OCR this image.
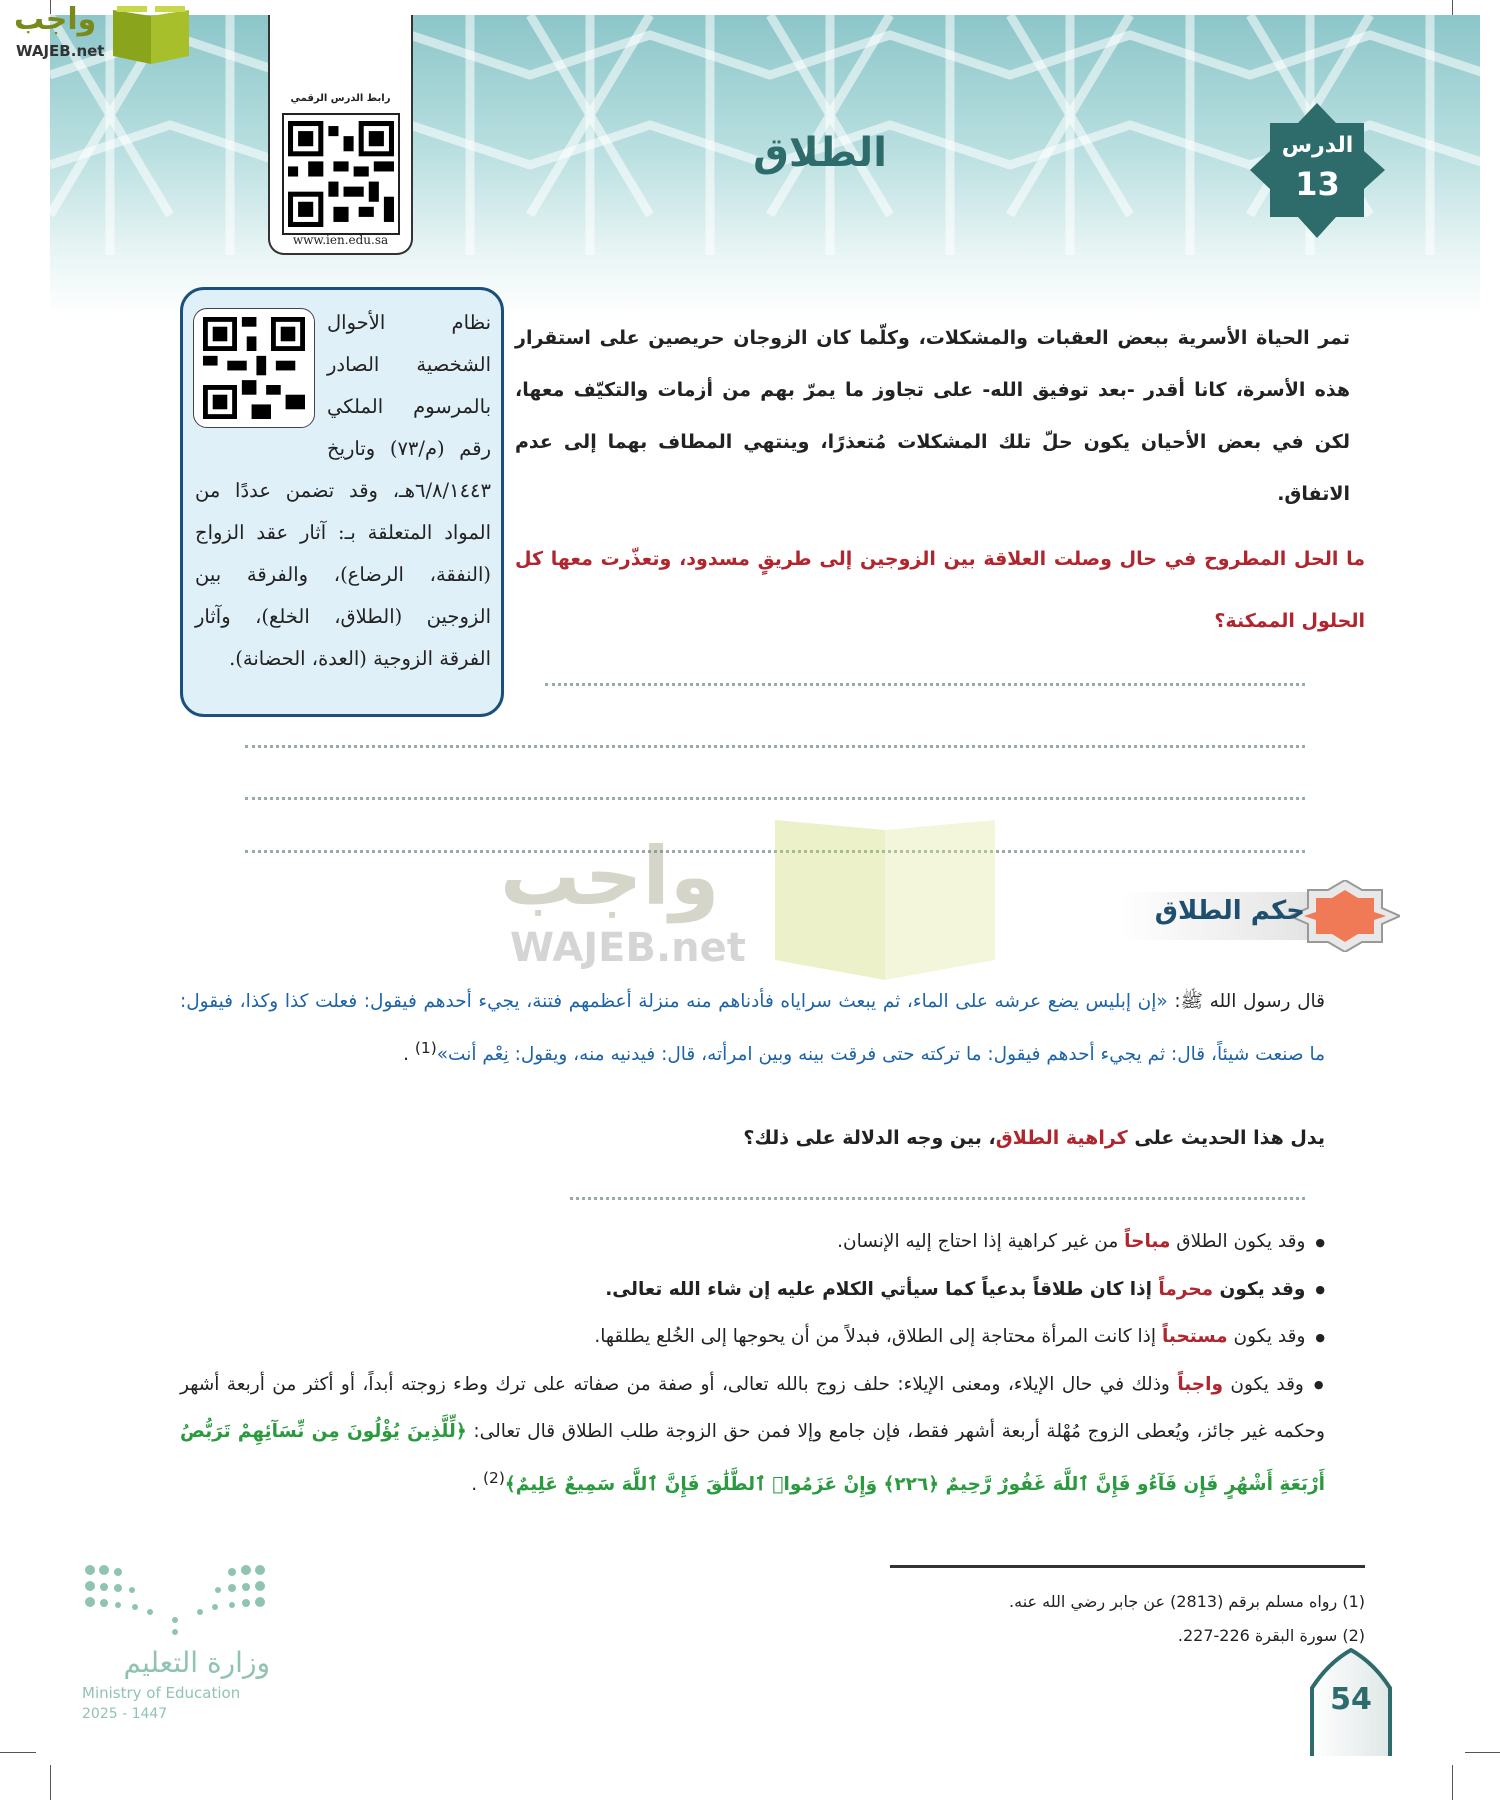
واجب
WAJEB.net
رابط الدرس الرقمي
www.ien.edu.sa
الطلاق	الدرس
13

نظام الأحوال الشخصية الصادر بالمرسوم الملكي رقم (م/٧٣) وتاريخ ٦/٨/١٤٤٣هـ، وقد تضمن عددًا من المواد المتعلقة بـ: آثار عقد الزواج (النفقة، الرضاع)، والفرقة بين الزوجين (الطلاق، الخلع)، وآثار الفرقة الزوجية (العدة، الحضانة).

تمر الحياة الأسرية ببعض العقبات والمشكلات، وكلّما كان الزوجان حريصين على استقرار هذه الأسرة، كانا أقدر -بعد توفيق الله- على تجاوز ما يمرّ بهم من أزمات والتكيّف معها، لكن في بعض الأحيان يكون حلّ تلك المشكلات مُتعذرًا، وينتهي المطاف بهما إلى عدم الاتفاق.
ما الحل المطروح في حال وصلت العلاقة بين الزوجين إلى طريقٍ مسدود، وتعذّرت معها كل الحلول الممكنة؟
واجب
WAJEB.net
حكم الطلاق
قال رسول الله ﷺ: «إن إبليس يضع عرشه على الماء، ثم يبعث سراياه فأدناهم منه منزلة أعظمهم فتنة، يجيء أحدهم فيقول: فعلت كذا وكذا، فيقول: ما صنعت شيئاً، قال: ثم يجيء أحدهم فيقول: ما تركته حتى فرقت بينه وبين امرأته، قال: فيدنيه منه، ويقول: نِعْم أنت»$^{(1)}$ .
يدل هذا الحديث على كراهية الطلاق، بين وجه الدلالة على ذلك؟
● وقد يكون الطلاق مباحاً من غير كراهية إذا احتاج إليه الإنسان.
● وقد يكون محرماً إذا كان طلاقاً بدعياً كما سيأتي الكلام عليه إن شاء الله تعالى.
● وقد يكون مستحباً إذا كانت المرأة محتاجة إلى الطلاق، فبدلاً من أن يحوجها إلى الخُلع يطلقها.
● وقد يكون واجباً وذلك في حال الإيلاء، ومعنى الإيلاء: حلف زوج بالله تعالى، أو صفة من صفاته على ترك وطء زوجته أبداً، أو أكثر من أربعة أشهر وحكمه غير جائز، ويُعطى الزوج مُهْلة أربعة أشهر فقط، فإن جامع وإلا فمن حق الزوجة طلب الطلاق قال تعالى: ﴿لِّلَّذِينَ يُؤْلُونَ مِن نِّسَآئِهِمْ تَرَبُّصُ أَرْبَعَةِ أَشْهُرٍ فَإِن فَآءُو فَإِنَّ ٱللَّهَ غَفُورٌ رَّحِيمٌ ﴿٢٢٦﴾ وَإِنْ عَزَمُوا۟ ٱلطَّلَٰقَ فَإِنَّ ٱللَّهَ سَمِيعٌ عَلِيمٌ﴾$^{(2)}$ .
(1) رواه مسلم برقم (2813) عن جابر رضي الله عنه.
(2) سورة البقرة 226-227.
54
وزارة التعليم
Ministry of Education
2025 - 1447
